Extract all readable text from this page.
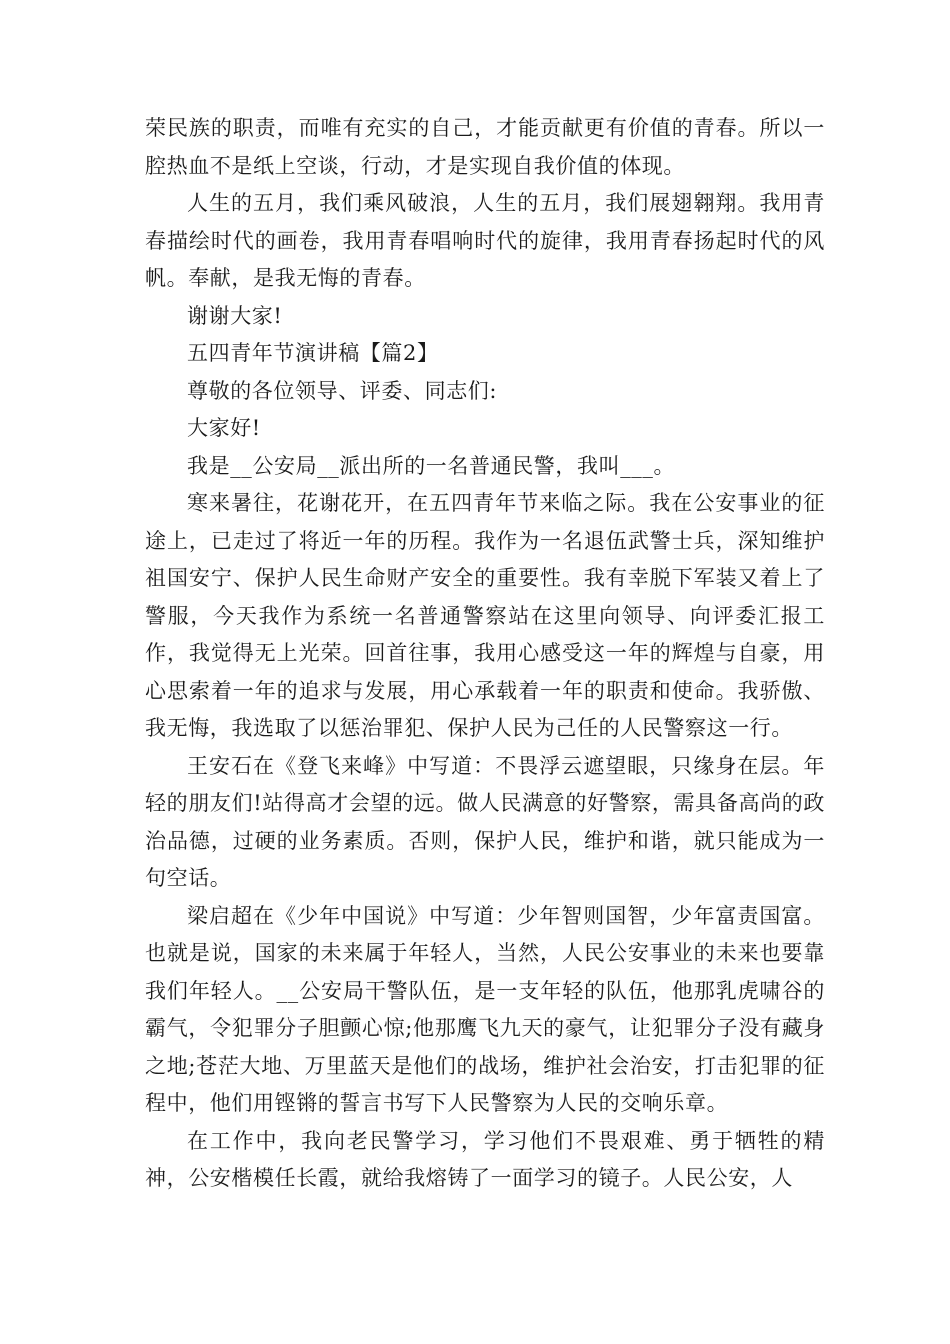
荣民族的职责，而唯有充实的自己，才能贡献更有价值的青春。所以一腔热血不是纸上空谈，行动，才是实现自我价值的体现。

人生的五月，我们乘风破浪，人生的五月，我们展翅翱翔。我用青春描绘时代的画卷，我用青春唱响时代的旋律，我用青春扬起时代的风帆。奉献，是我无悔的青春。

谢谢大家!

五四青年节演讲稿【篇2】

尊敬的各位领导、评委、同志们:

大家好!

我是__公安局__派出所的一名普通民警，我叫___。

寒来暑往，花谢花开，在五四青年节来临之际。我在公安事业的征途上，已走过了将近一年的历程。我作为一名退伍武警士兵，深知维护祖国安宁、保护人民生命财产安全的重要性。我有幸脱下军装又着上了警服，今天我作为系统一名普通警察站在这里向领导、向评委汇报工作，我觉得无上光荣。回首往事，我用心感受这一年的辉煌与自豪，用心思索着一年的追求与发展，用心承载着一年的职责和使命。我骄傲、我无悔，我选取了以惩治罪犯、保护人民为己任的人民警察这一行。

王安石在《登飞来峰》中写道：不畏浮云遮望眼，只缘身在层。年轻的朋友们!站得高才会望的远。做人民满意的好警察，需具备高尚的政治品德，过硬的业务素质。否则，保护人民，维护和谐，就只能成为一句空话。

梁启超在《少年中国说》中写道：少年智则国智，少年富责国富。也就是说，国家的未来属于年轻人，当然，人民公安事业的未来也要靠我们年轻人。__公安局干警队伍，是一支年轻的队伍，他那乳虎啸谷的霸气，令犯罪分子胆颤心惊;他那鹰飞九天的豪气，让犯罪分子没有藏身之地;苍茫大地、万里蓝天是他们的战场，维护社会治安，打击犯罪的征程中，他们用铿锵的誓言书写下人民警察为人民的交响乐章。

在工作中，我向老民警学习，学习他们不畏艰难、勇于牺牲的精神，公安楷模任长霞，就给我熔铸了一面学习的镜子。人民公安，人
